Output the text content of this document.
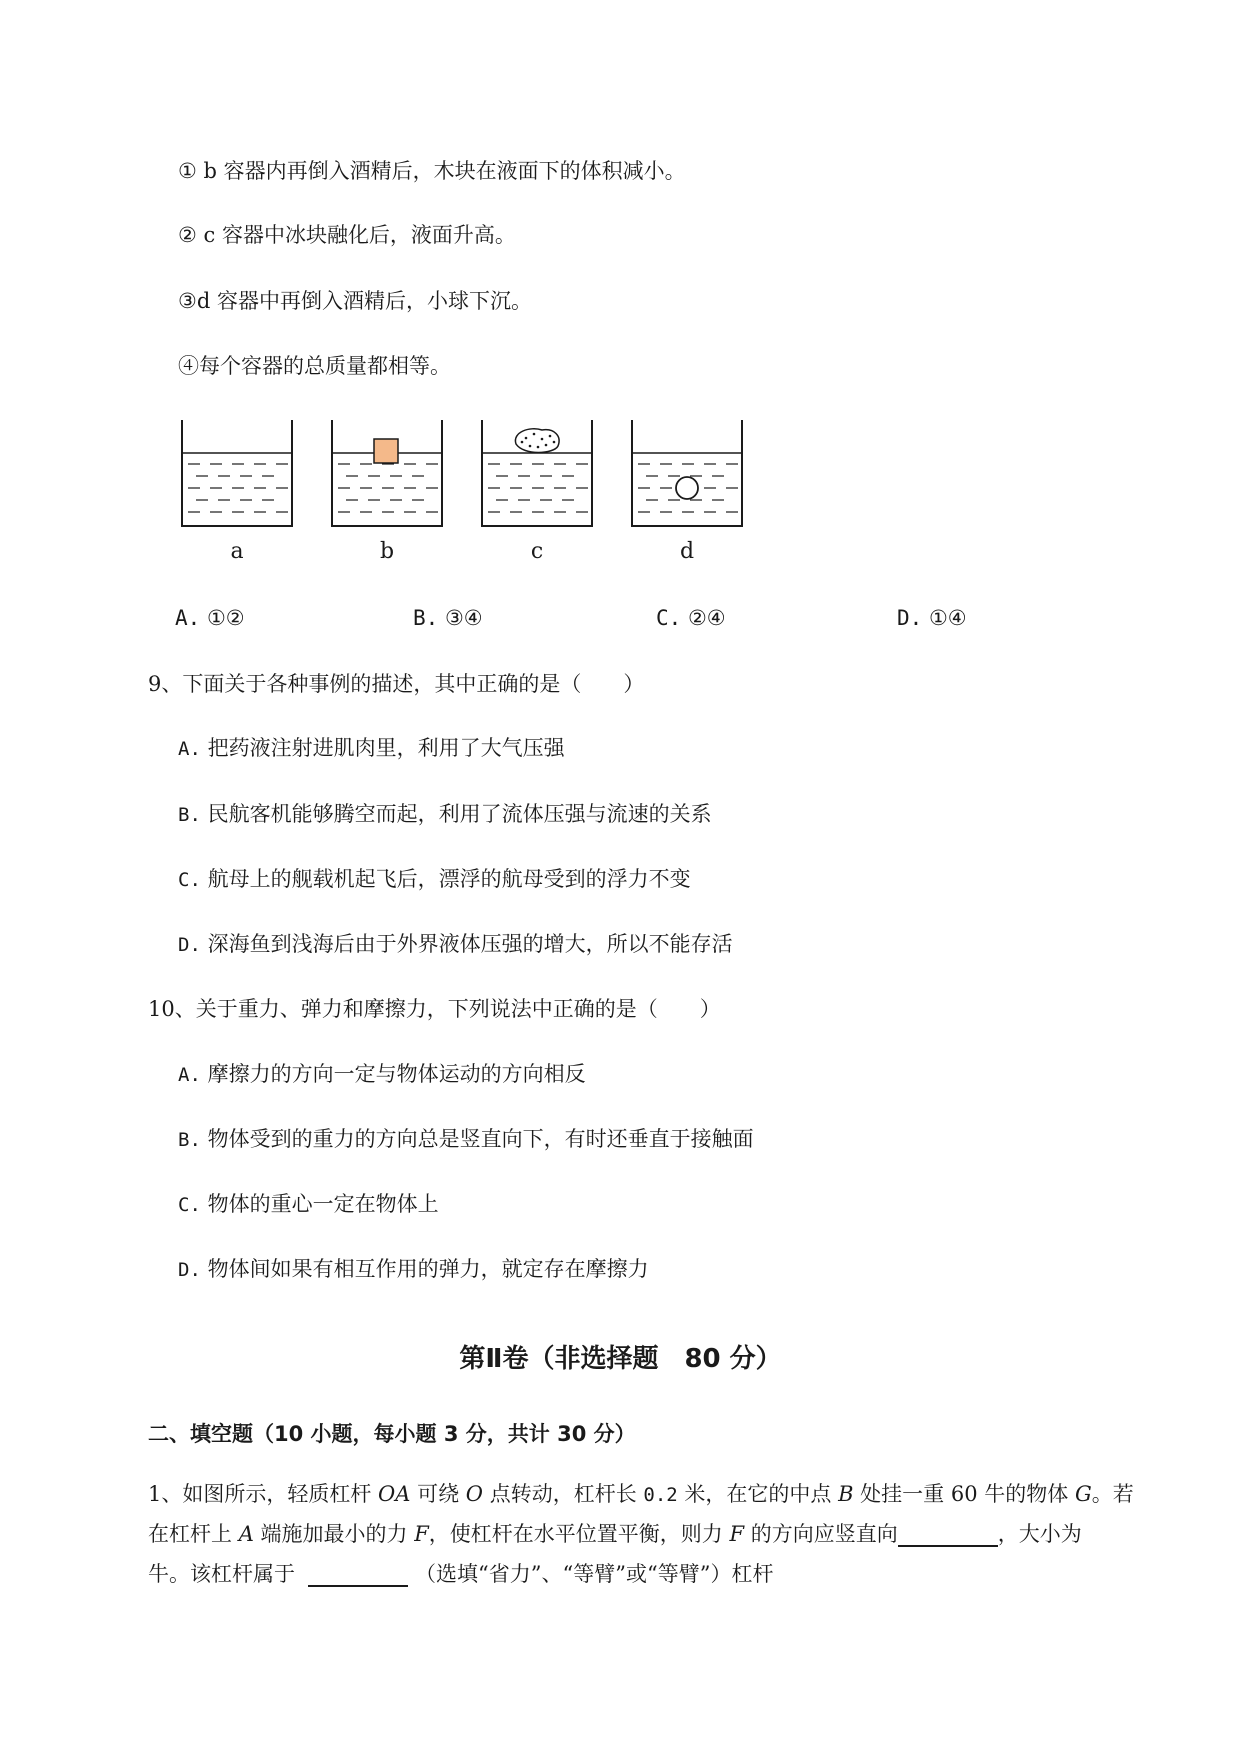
① b 容器内再倒入酒精后，木块在液面下的体积减小。
② c 容器中冰块融化后，液面升高。
③d 容器中再倒入酒精后，小球下沉。
④每个容器的总质量都相等。
a	b	c	d
A. ①②	B. ③④	C. ②④	D. ①④
9、下面关于各种事例的描述，其中正确的是（　　）
A. 把药液注射进肌肉里，利用了大气压强
B. 民航客机能够腾空而起，利用了流体压强与流速的关系
C. 航母上的舰载机起飞后，漂浮的航母受到的浮力不变
D. 深海鱼到浅海后由于外界液体压强的增大，所以不能存活
10、关于重力、弹力和摩擦力，下列说法中正确的是（　　）
A. 摩擦力的方向一定与物体运动的方向相反
B. 物体受到的重力的方向总是竖直向下，有时还垂直于接触面
C. 物体的重心一定在物体上
D. 物体间如果有相互作用的弹力，就定存在摩擦力
第Ⅱ卷（非选择题　80 分）
二、填空题（10 小题，每小题 3 分，共计 30 分）
1、如图所示，轻质杠杆 OA 可绕 O 点转动，杠杆长 0.2 米，在它的中点 B 处挂一重 60 牛的物体 G。若
在杠杆上 A 端施加最小的力 F，使杠杆在水平位置平衡，则力 F 的方向应竖直向	，大小为
牛。该杠杆属于	（选填“省力”、“等臂”或“等臂”）杠杆
